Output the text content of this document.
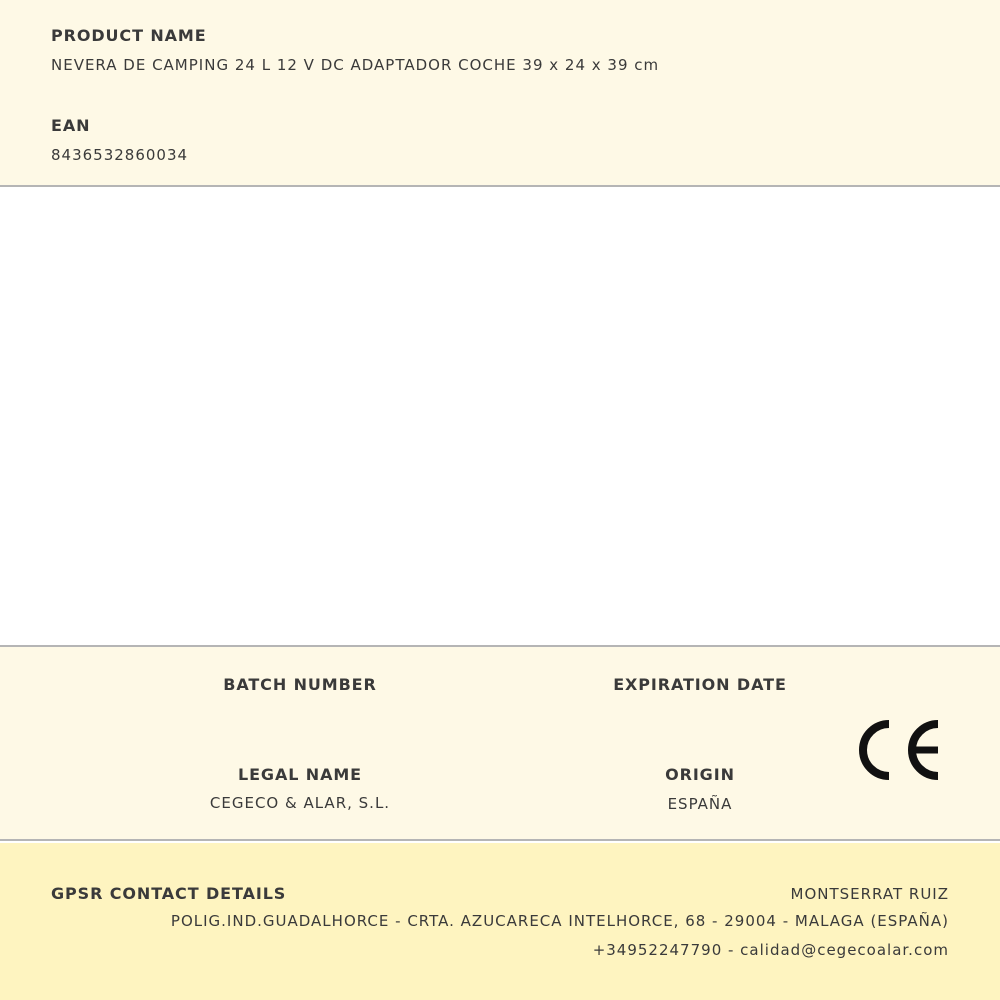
PRODUCT NAME
NEVERA DE CAMPING 24 L 12 V DC ADAPTADOR COCHE 39 x 24 x 39 cm
EAN
8436532860034
BATCH NUMBER	EXPIRATION DATE
LEGAL NAME
CEGECO & ALAR, S.L.
ORIGIN
ESPAÑA
GPSR CONTACT DETAILS	MONTSERRAT RUIZ
POLIG.IND.GUADALHORCE - CRTA. AZUCARECA INTELHORCE, 68 - 29004 - MALAGA (ESPAÑA)
+34952247790 - calidad@cegecoalar.com
